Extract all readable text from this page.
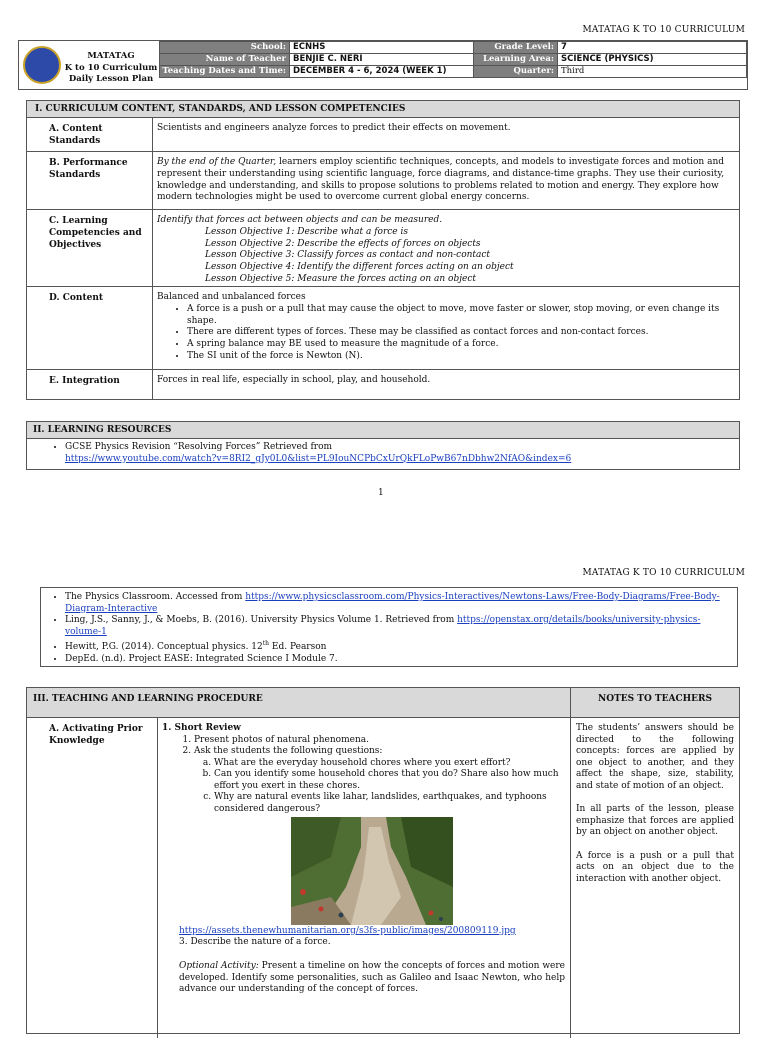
MATATAG K TO 10 CURRICULUM
MATATAG
K to 10 Curriculum
Daily Lesson Plan
School:	ECNHS	Grade Level:	7
Name of Teacher	BENJIE C. NERI	Learning Area:	SCIENCE (PHYSICS)
Teaching Dates and Time:	DECEMBER 4 - 6, 2024 (WEEK 1)	Quarter:	Third
I. CURRICULUM CONTENT, STANDARDS, AND LESSON COMPETENCIES
A. Content Standards
Scientists and engineers analyze forces to predict their effects on movement.
B. Performance Standards
By the end of the Quarter, learners employ scientific techniques, concepts, and models to investigate forces and motion and represent their understanding using scientific language, force diagrams, and distance-time graphs. They use their curiosity, knowledge and understanding, and skills to propose solutions to problems related to motion and energy. They explore how modern technologies might be used to overcome current global energy concerns.
C. Learning Competencies and Objectives
Identify that forces act between objects and can be measured.
Lesson Objective 1: Describe what a force is
Lesson Objective 2: Describe the effects of forces on objects
Lesson Objective 3: Classify forces as contact and non-contact
Lesson Objective 4: Identify the different forces acting on an object
Lesson Objective 5: Measure the forces acting on an object
D. Content	Balanced and unbalanced forces
• A force is a push or a pull that may cause the object to move, move faster or slower, stop moving, or even change its shape.
• There are different types of forces. These may be classified as contact forces and non-contact forces.
• A spring balance may BE used to measure the magnitude of a force.
• The SI unit of the force is Newton (N).
E. Integration	Forces in real life, especially in school, play, and household.
II. LEARNING RESOURCES
• GCSE Physics Revision “Resolving Forces” Retrieved from
https://www.youtube.com/watch?v=8RI2_gJy0L0&list=PL9IouNCPbCxUrQkFLoPwB67nDbhw2NfAO&index=6
1
MATATAG K TO 10 CURRICULUM
• The Physics Classroom. Accessed from https://www.physicsclassroom.com/Physics-Interactives/Newtons-Laws/Free-Body-Diagrams/Free-Body-Diagram-Interactive
• Ling, J.S., Sanny, J., & Moebs, B. (2016). University Physics Volume 1. Retrieved from https://openstax.org/details/books/university-physics-volume-1
• Hewitt, P.G. (2014). Conceptual physics. 12th Ed. Pearson
• DepEd. (n.d). Project EASE: Integrated Science I Module 7.
III. TEACHING AND LEARNING PROCEDURE	NOTES TO TEACHERS
A. Activating Prior Knowledge
1. Short Review
1. Present photos of natural phenomena.
2. Ask the students the following questions:
a. What are the everyday household chores where you exert effort?
b. Can you identify some household chores that you do? Share also how much effort you exert in these chores.
c. Why are natural events like lahar, landslides, earthquakes, and typhoons considered dangerous?
https://assets.thenewhumanitarian.org/s3fs-public/images/200809119.jpg
3. Describe the nature of a force.
Optional Activity: Present a timeline on how the concepts of forces and motion were developed. Identify some personalities, such as Galileo and Isaac Newton, who help advance our understanding of the concept of forces.
The students’ answers should be directed to the following concepts: forces are applied by one object to another, and they affect the shape, size, stability, and state of motion of an object.
In all parts of the lesson, please emphasize that forces are applied by an object on another object.
A force is a push or a pull that acts on an object due to the interaction with another object.
